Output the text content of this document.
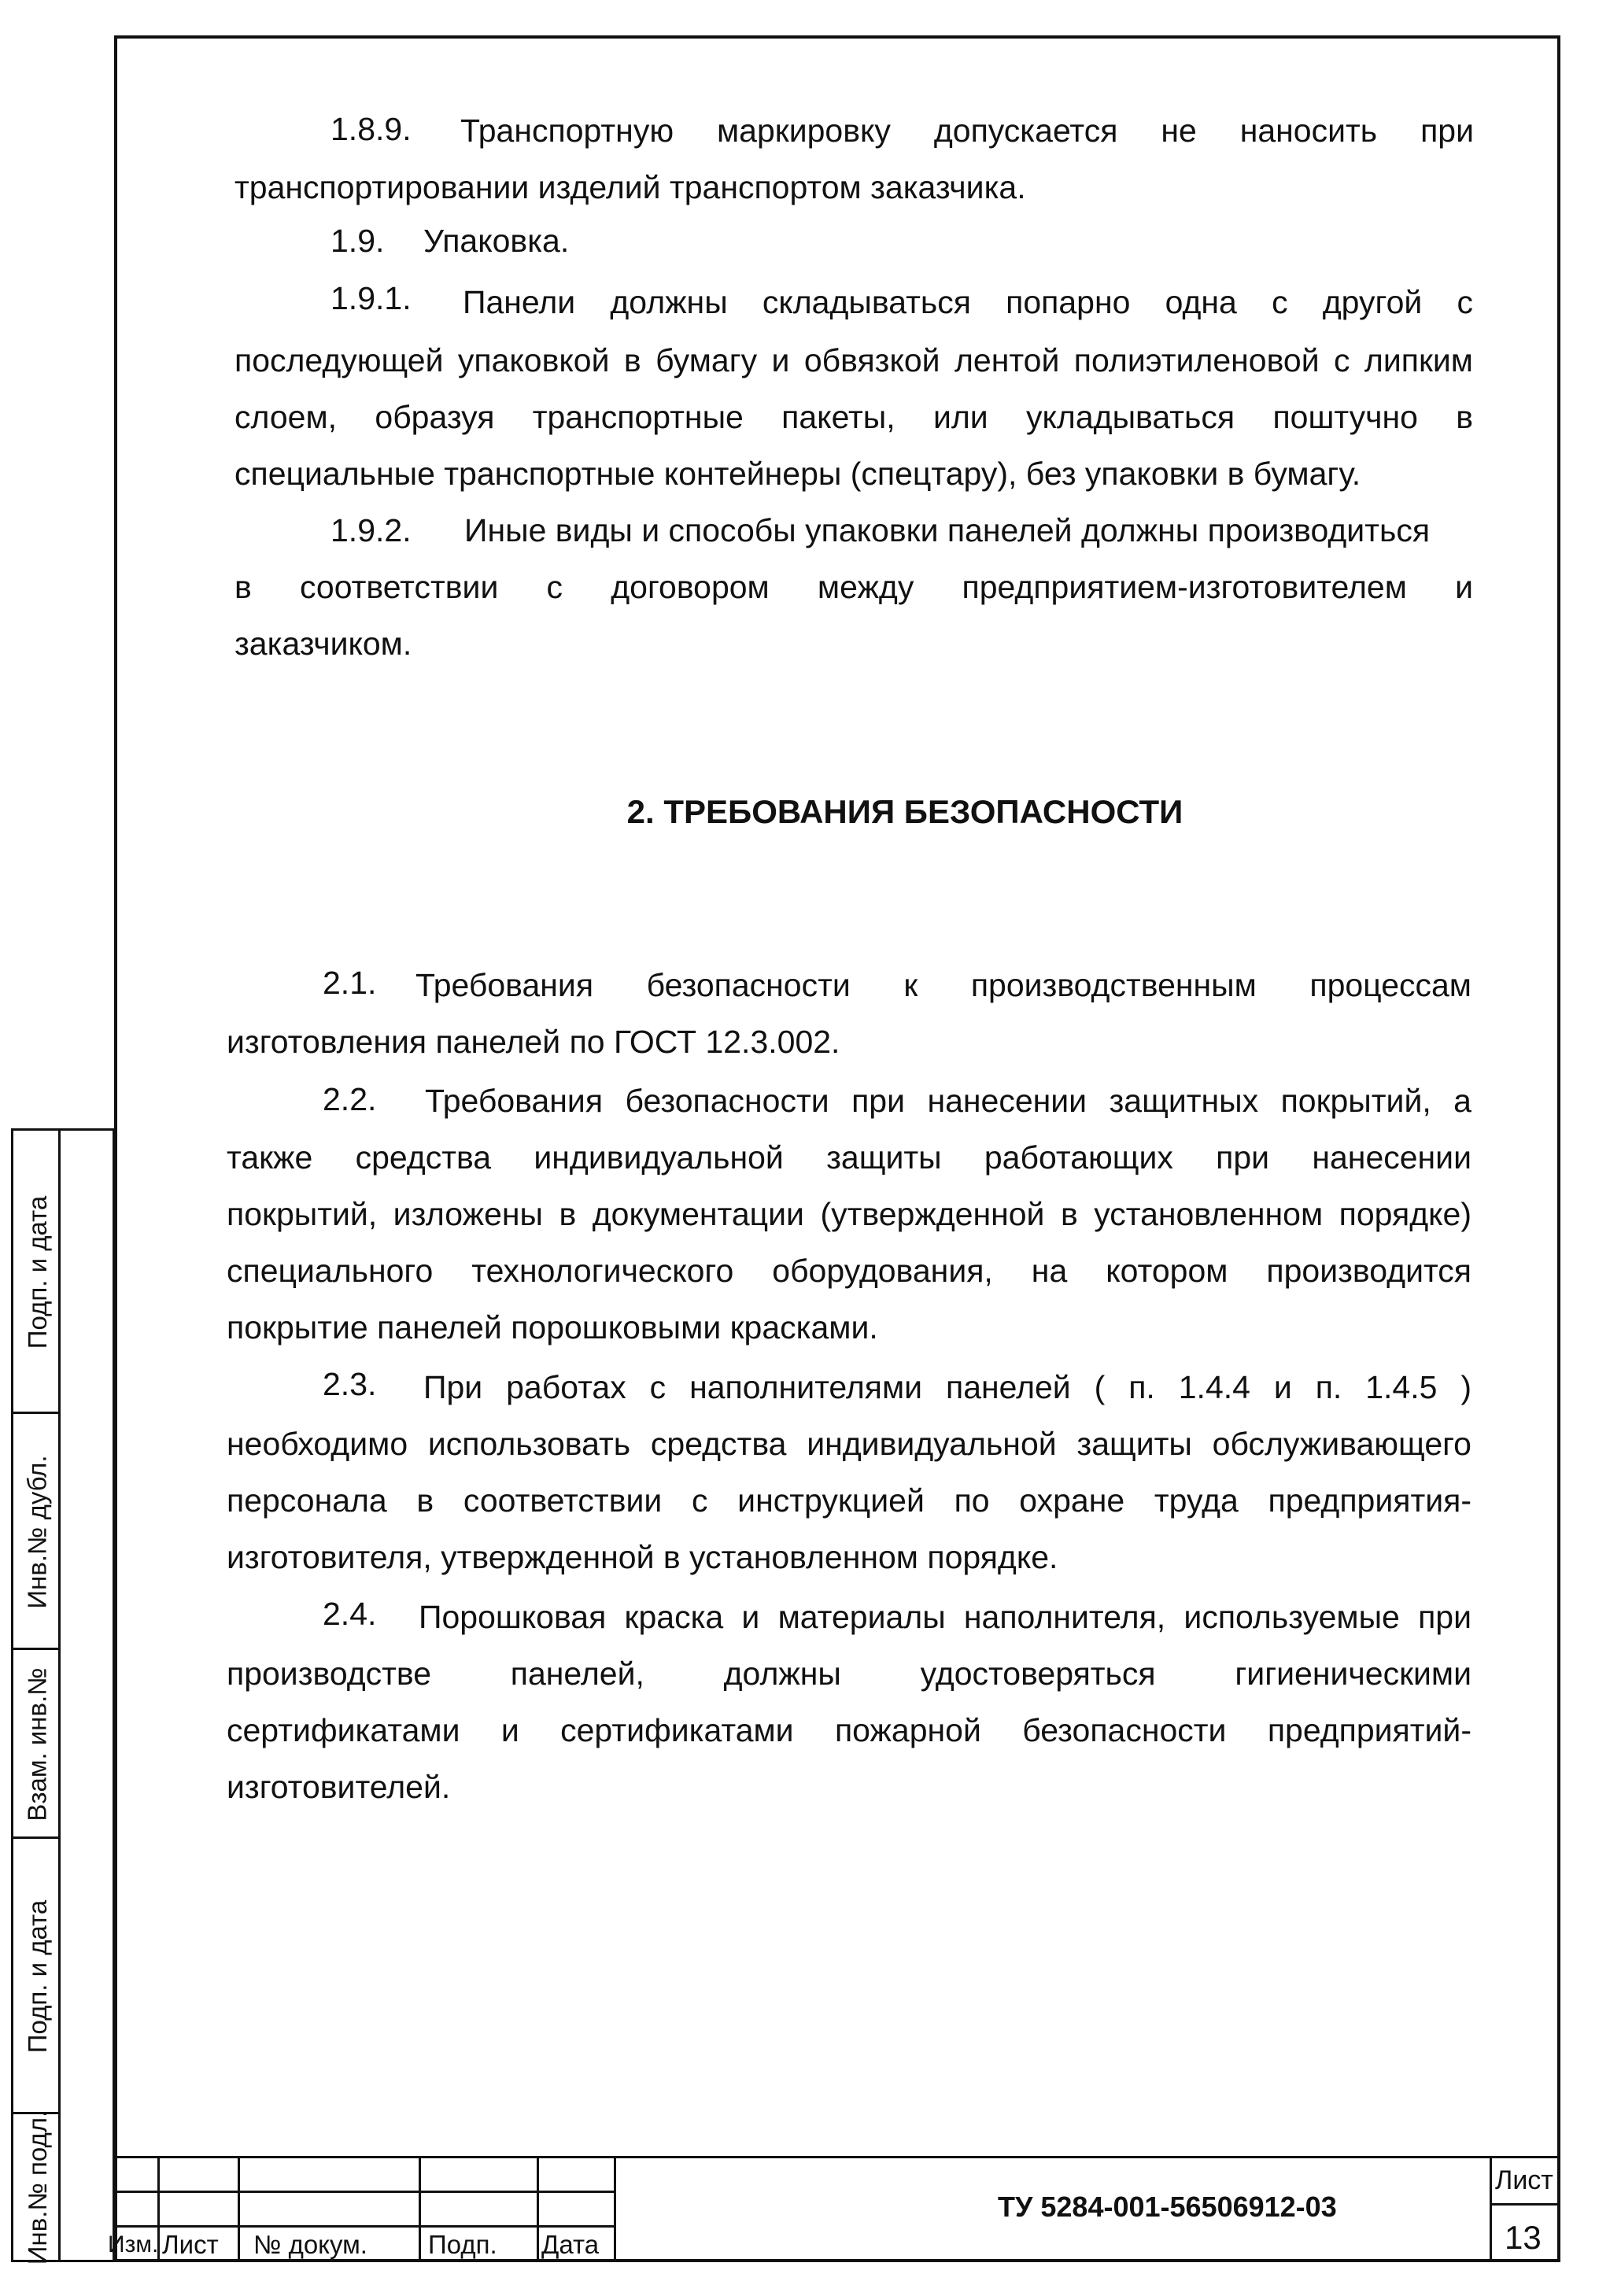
1.8.9. Транспортную маркировку допускается не наносить при

транспортировании изделий транспортом заказчика.

1.9. Упаковка.

1.9.1. Панели должны складываться попарно одна с другой с

последующей упаковкой в бумагу и обвязкой лентой полиэтиленовой с липким

слоем, образуя транспортные пакеты, или укладываться поштучно в

специальные транспортные контейнеры (спецтару), без упаковки в бумагу.

1.9.2. Иные виды и способы упаковки панелей должны производиться

в соответствии с договором между предприятием-изготовителем и

заказчиком.

2. ТРЕБОВАНИЯ БЕЗОПАСНОСТИ

2.1. Требования безопасности к производственным процессам

изготовления панелей по ГОСТ 12.3.002.

2.2. Требования безопасности при нанесении защитных покрытий, а

также средства индивидуальной защиты работающих при нанесении

покрытий, изложены в документации (утвержденной в установленном порядке)

специального технологического оборудования, на котором производится

покрытие панелей порошковыми красками.

2.3. При работах с наполнителями панелей ( п. 1.4.4 и п. 1.4.5 )

необходимо использовать средства индивидуальной защиты обслуживающего

персонала в соответствии с инструкцией по охране труда предприятия-

изготовителя, утвержденной в установленном порядке.

2.4. Порошковая краска и материалы наполнителя, используемые при

производстве панелей, должны удостоверяться гигиеническими

сертификатами и сертификатами пожарной безопасности предприятий-

изготовителей.

Подп. и дата
Инв.№ дубл.
Взам. инв.№
Подп. и дата
Инв.№ подл. Изм. Лист № докум. Подп. Дата
ТУ 5284-001-56506912-03
Лист
13
